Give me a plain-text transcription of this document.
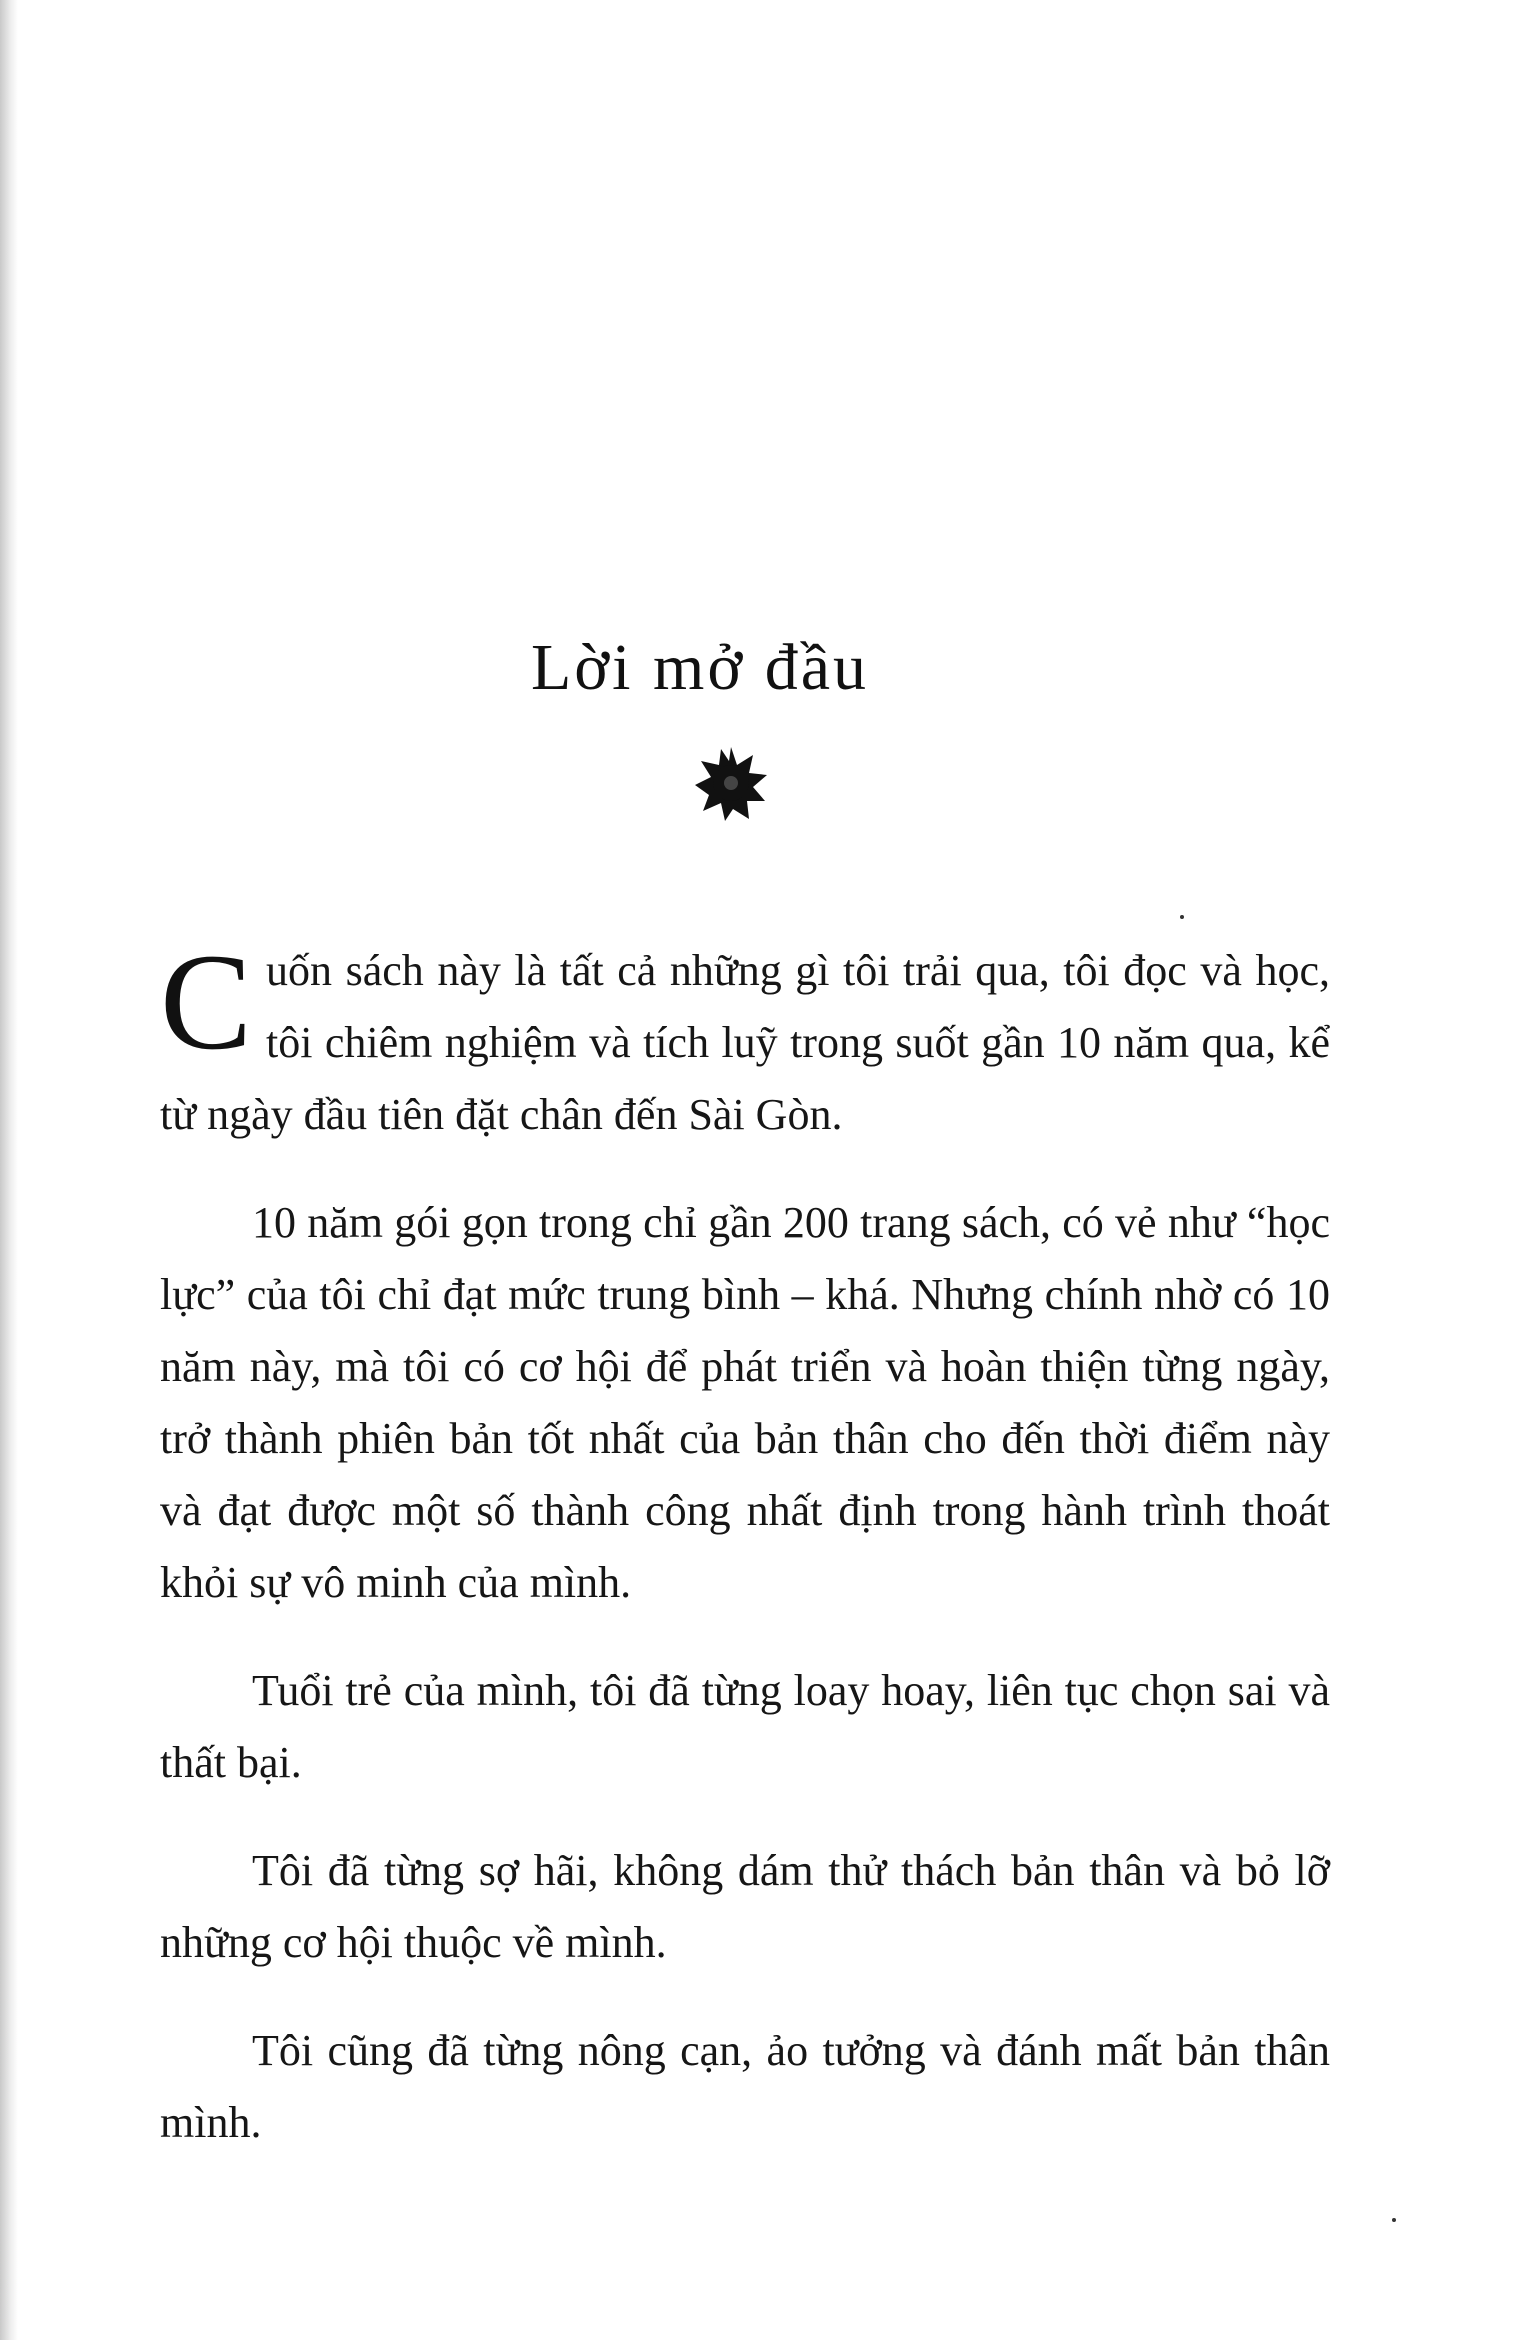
Lời mở đầu

Cuốn sách này là tất cả những gì tôi trải qua, tôi đọc và học, tôi chiêm nghiệm và tích luỹ trong suốt gần 10 năm qua, kể từ ngày đầu tiên đặt chân đến Sài Gòn.

10 năm gói gọn trong chỉ gần 200 trang sách, có vẻ như “học lực” của tôi chỉ đạt mức trung bình – khá. Nhưng chính nhờ có 10 năm này, mà tôi có cơ hội để phát triển và hoàn thiện từng ngày, trở thành phiên bản tốt nhất của bản thân cho đến thời điểm này và đạt được một số thành công nhất định trong hành trình thoát khỏi sự vô minh của mình.

Tuổi trẻ của mình, tôi đã từng loay hoay, liên tục chọn sai và thất bại.

Tôi đã từng sợ hãi, không dám thử thách bản thân và bỏ lỡ những cơ hội thuộc về mình.

Tôi cũng đã từng nông cạn, ảo tưởng và đánh mất bản thân mình.
